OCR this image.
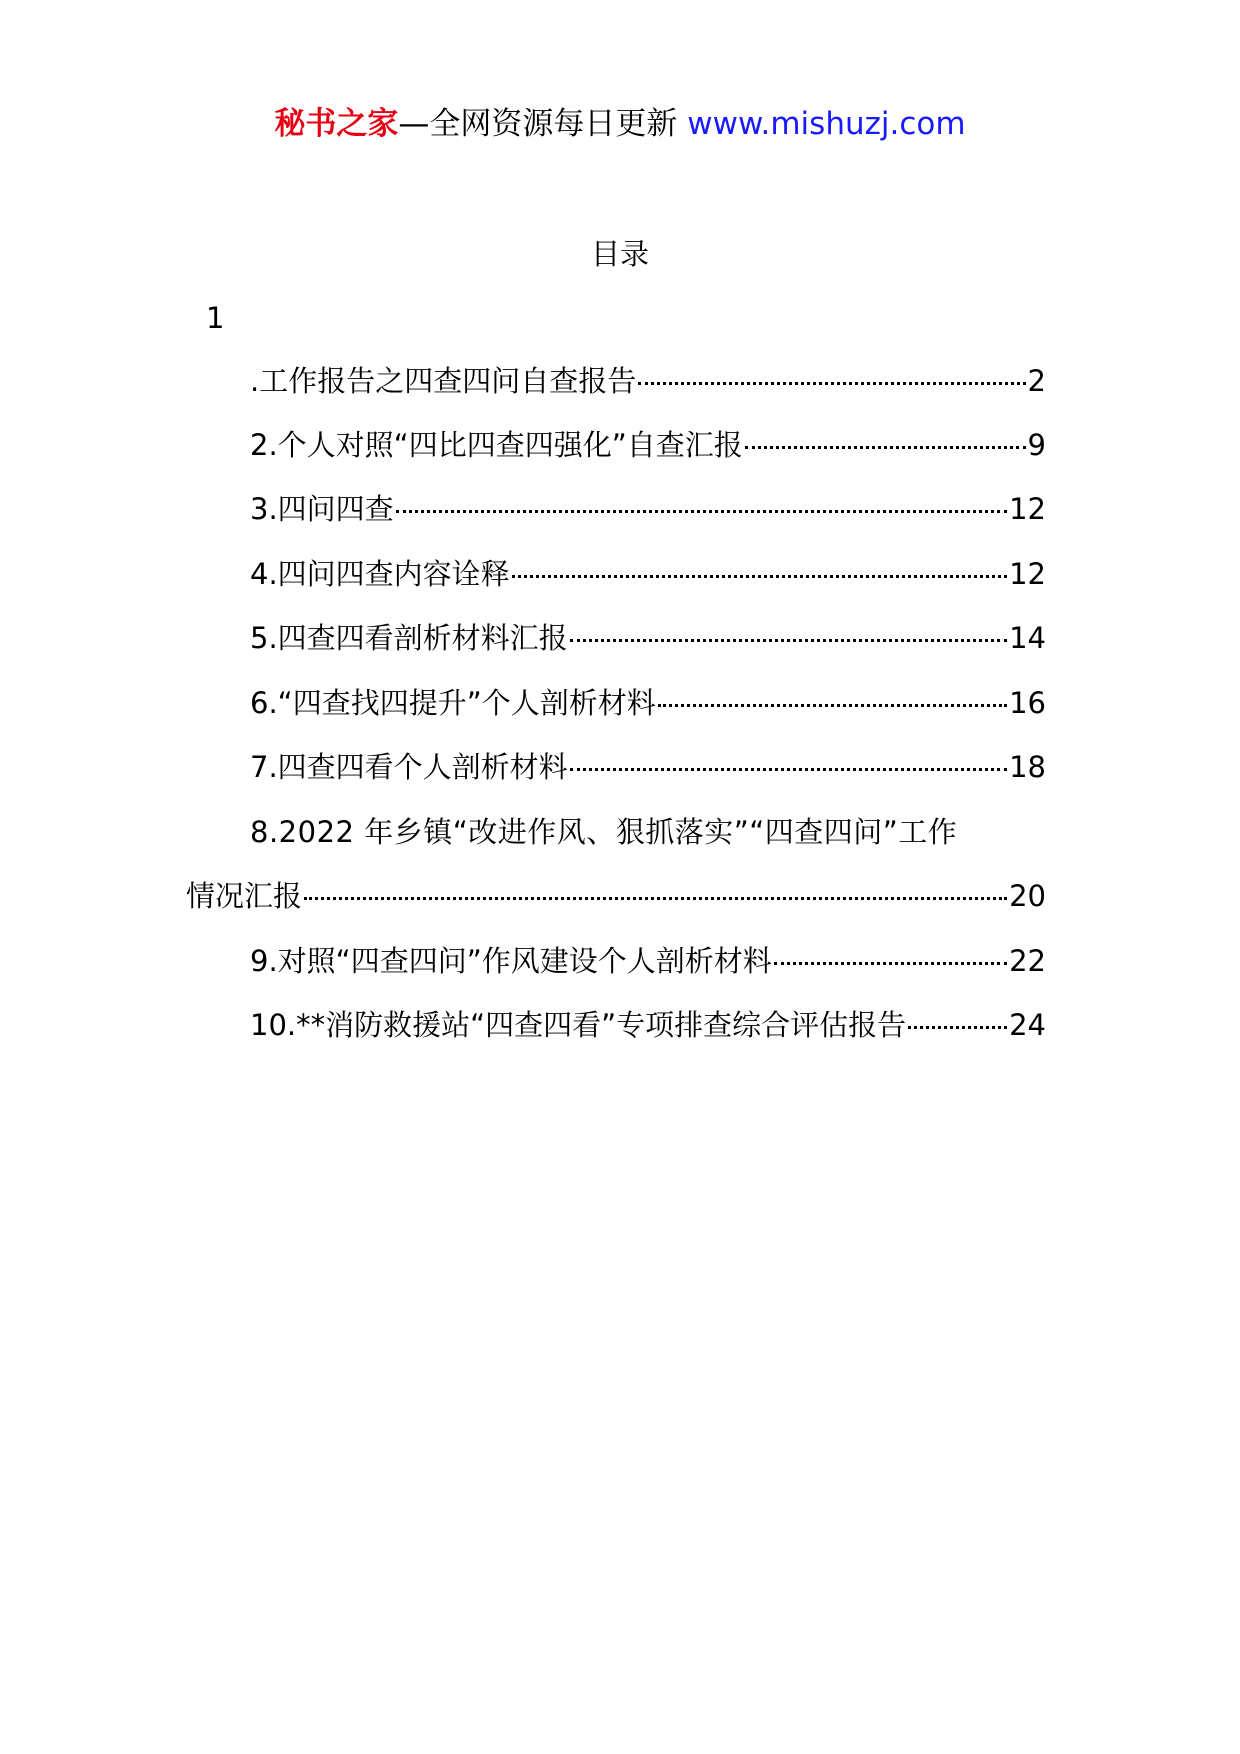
秘书之家—全网资源每日更新 www.mishuzj.com
目录
1
.工作报告之四查四问自查报告	2
2.个人对照“四比四查四强化”自查汇报	9
3.四问四查	12
4.四问四查内容诠释	12
5.四查四看剖析材料汇报	14
6.“四查找四提升”个人剖析材料	16
7.四查四看个人剖析材料	18
8.2022 年乡镇“改进作风、狠抓落实”“四查四问”工作
情况汇报	20
9.对照“四查四问”作风建设个人剖析材料	22
10.**消防救援站“四查四看”专项排查综合评估报告	24
